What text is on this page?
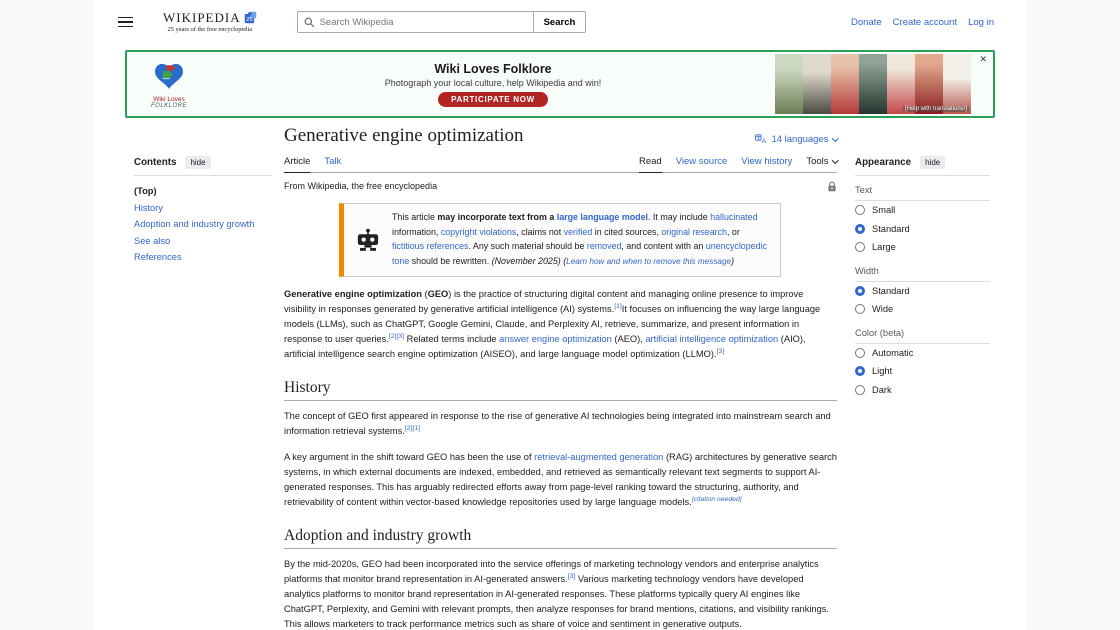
WIKIPEDIA 25
25 years of the free encyclopedia
Search Wikipedia
Search	Donate Create account Log in
Wiki Loves
FOLKLORE
Wiki Loves Folklore
Photograph your local culture, help Wikipedia and win!
PARTICIPATE NOW
[Help with translations!]
✕
Contents	hide
(Top)
History
Adoption and industry growth
See also
References
Generative engine optimization	A 14 languages
Article Talk	Read View source View history Tools
From Wikipedia, the free encyclopedia
This article may incorporate text from a large language model. It may include hallucinated information, copyright violations, claims not verified in cited sources, original research, or fictitious references. Any such material should be removed, and content with an unencyclopedic tone should be rewritten. (November 2025) (Learn how and when to remove this message)

Generative engine optimization (GEO) is the practice of structuring digital content and managing online presence to improve visibility in responses generated by generative artificial intelligence (AI) systems.[1]It focuses on influencing the way large language models (LLMs), such as ChatGPT, Google Gemini, Claude, and Perplexity AI, retrieve, summarize, and present information in response to user queries.[2][3] Related terms include answer engine optimization (AEO), artificial intelligence optimization (AIO), artificial intelligence search engine optimization (AISEO), and large language model optimization (LLMO).[3]

History

The concept of GEO first appeared in response to the rise of generative AI technologies being integrated into mainstream search and information retrieval systems.[2][1]

A key argument in the shift toward GEO has been the use of retrieval-augmented generation (RAG) architectures by generative search systems, in which external documents are indexed, embedded, and retrieved as semantically relevant text segments to support AI-generated responses. This has arguably redirected efforts away from page-level ranking toward the structuring, authority, and retrievability of content within vector-based knowledge repositories used by large language models.[citation needed]

Adoption and industry growth

By the mid-2020s, GEO had been incorporated into the service offerings of marketing technology vendors and enterprise analytics platforms that monitor brand representation in AI-generated answers.[3] Various marketing technology vendors have developed analytics platforms to monitor brand representation in AI-generated responses. These platforms typically query AI engines like ChatGPT, Perplexity, and Gemini with relevant prompts, then analyze responses for brand mentions, citations, and visibility rankings. This allows marketers to track performance metrics such as share of voice and sentiment in generative outputs.

Appearance	hide
Text
Small
Standard
Large
Width
Standard
Wide
Color (beta)
Automatic
Light
Dark
